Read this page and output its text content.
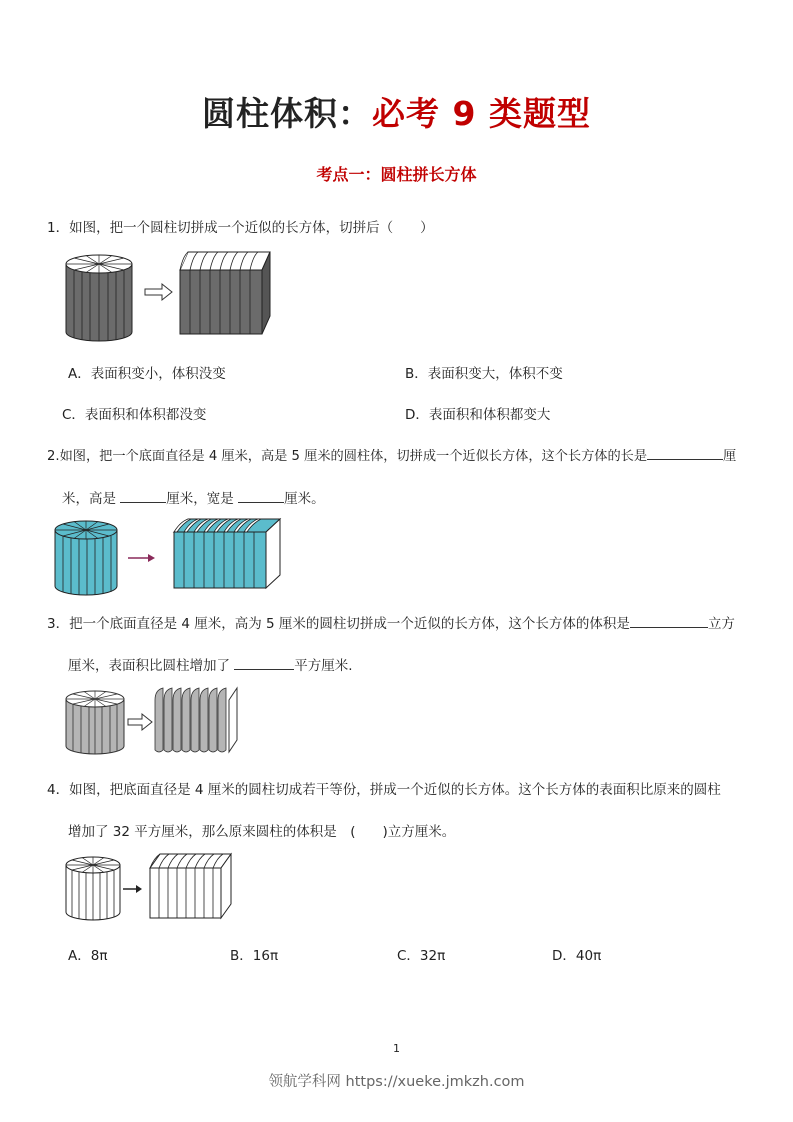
圆柱体积：必考 9 类题型
考点一：圆柱拼长方体
1．如图，把一个圆柱切拼成一个近似的长方体，切拼后（　　）
A．表面积变小，体积没变	B．表面积变大，体积不变
C．表面积和体积都没变	D．表面积和体积都变大
2.如图，把一个底面直径是 4 厘米，高是 5 厘米的圆柱体，切拼成一个近似长方体，这个长方体的长是	厘
米，高是	厘米，宽是	厘米。
3．把一个底面直径是 4 厘米，高为 5 厘米的圆柱切拼成一个近似的长方体，这个长方体的体积是	立方
厘米，表面积比圆柱增加了	平方厘米.
4．如图，把底面直径是 4 厘米的圆柱切成若干等份，拼成一个近似的长方体。这个长方体的表面积比原来的圆柱
增加了 32 平方厘米，那么原来圆柱的体积是　(　　)立方厘米。
A．8π	B．16π	C．32π	D．40π
1
领航学科网 https://xueke.jmkzh.com
